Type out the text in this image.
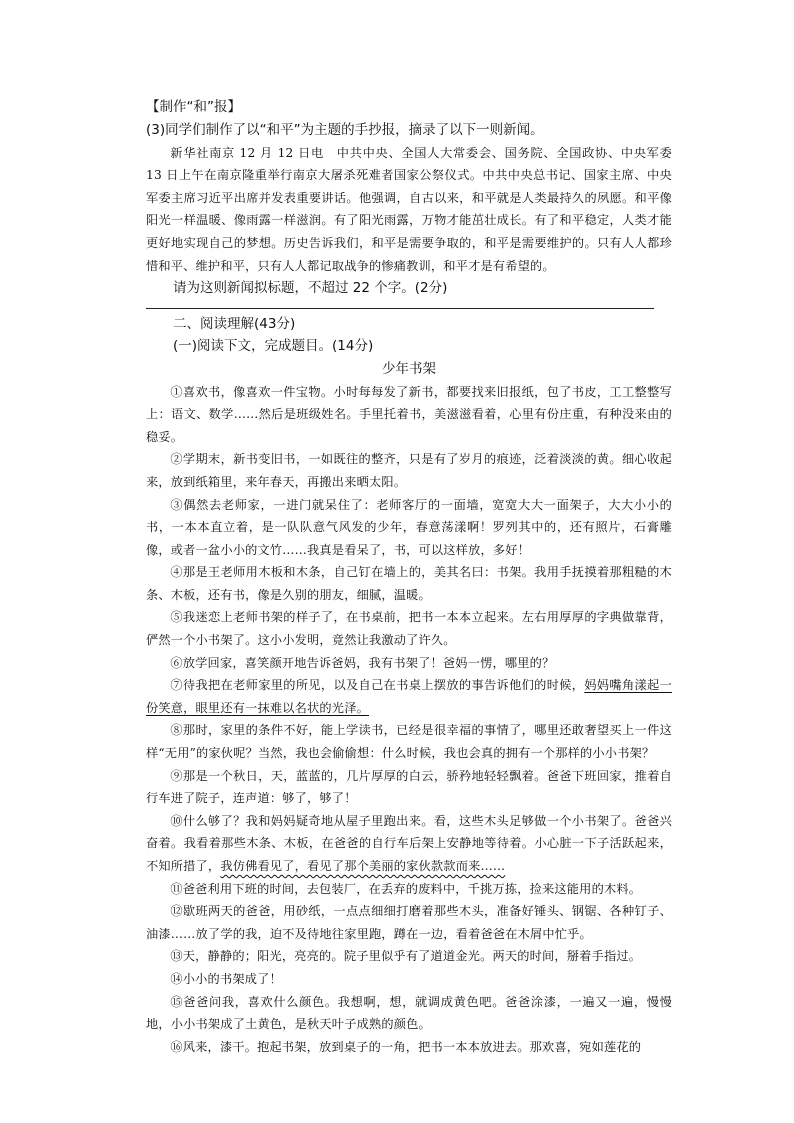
【制作“和”报】

(3)同学们制作了以“和平”为主题的手抄报，摘录了以下一则新闻。

新华社南京 12 月 12 日电　中共中央、全国人大常委会、国务院、全国政协、中央军委 13 日上午在南京隆重举行南京大屠杀死难者国家公祭仪式。中共中央总书记、国家主席、中央军委主席习近平出席并发表重要讲话。他强调，自古以来，和平就是人类最持久的夙愿。和平像阳光一样温暖、像雨露一样滋润。有了阳光雨露，万物才能茁壮成长。有了和平稳定，人类才能更好地实现自己的梦想。历史告诉我们，和平是需要争取的，和平是需要维护的。只有人人都珍惜和平、维护和平，只有人人都记取战争的惨痛教训，和平才是有希望的。

请为这则新闻拟标题，不超过 22 个字。(2分)

二、阅读理解(43分)

(一)阅读下文，完成题目。(14分)

少年书架

①喜欢书，像喜欢一件宝物。小时每每发了新书，都要找来旧报纸，包了书皮，工工整整写上：语文、数学……然后是班级姓名。手里托着书，美滋滋看着，心里有份庄重，有种没来由的稳妥。

②学期末，新书变旧书，一如既往的整齐，只是有了岁月的痕迹，泛着淡淡的黄。细心收起来，放到纸箱里，来年春天，再搬出来晒太阳。

③偶然去老师家，一进门就呆住了：老师客厅的一面墙，宽宽大大一面架子，大大小小的书，一本本直立着，是一队队意气风发的少年，春意荡漾啊！罗列其中的，还有照片，石膏雕像，或者一盆小小的文竹……我真是看呆了，书，可以这样放，多好！

④那是王老师用木板和木条，自己钉在墙上的，美其名曰：书架。我用手抚摸着那粗糙的木条、木板，还有书，像是久别的朋友，细腻，温暖。

⑤我迷恋上老师书架的样子了，在书桌前，把书一本本立起来。左右用厚厚的字典做靠背，俨然一个小书架了。这小小发明，竟然让我激动了许久。

⑥放学回家，喜笑颜开地告诉爸妈，我有书架了！爸妈一愣，哪里的？

⑦待我把在老师家里的所见，以及自己在书桌上摆放的事告诉他们的时候，妈妈嘴角漾起一份笑意，眼里还有一抹难以名状的光泽。

⑧那时，家里的条件不好，能上学读书，已经是很幸福的事情了，哪里还敢奢望买上一件这样“无用”的家伙呢？当然，我也会偷偷想：什么时候，我也会真的拥有一个那样的小小书架？

⑨那是一个秋日，天，蓝蓝的，几片厚厚的白云，骄矜地轻轻飘着。爸爸下班回家，推着自行车进了院子，连声道：够了，够了！

⑩什么够了？我和妈妈疑奇地从屋子里跑出来。看，这些木头足够做一个小书架了。爸爸兴奋着。我看着那些木条、木板，在爸爸的自行车后架上安静地等待着。小心脏一下子活跃起来，不知所措了，我仿佛看见了，看见了那个美丽的家伙款款而来……

⑪爸爸利用下班的时间，去包装厂，在丢弃的废料中，千挑万拣，捡来这能用的木料。

⑫歇班两天的爸爸，用砂纸，一点点细细打磨着那些木头，准备好锤头、钢锯、各种钉子、油漆……放了学的我，迫不及待地往家里跑，蹲在一边，看着爸爸在木屑中忙乎。

⑬天，静静的；阳光，亮亮的。院子里似乎有了道道金光。两天的时间，掰着手指过。

⑭小小的书架成了！

⑮爸爸问我，喜欢什么颜色。我想啊，想，就调成黄色吧。爸爸涂漆，一遍又一遍，慢慢地，小小书架成了土黄色，是秋天叶子成熟的颜色。

⑯风来，漆干。抱起书架，放到桌子的一角，把书一本本放进去。那欢喜，宛如莲花的
